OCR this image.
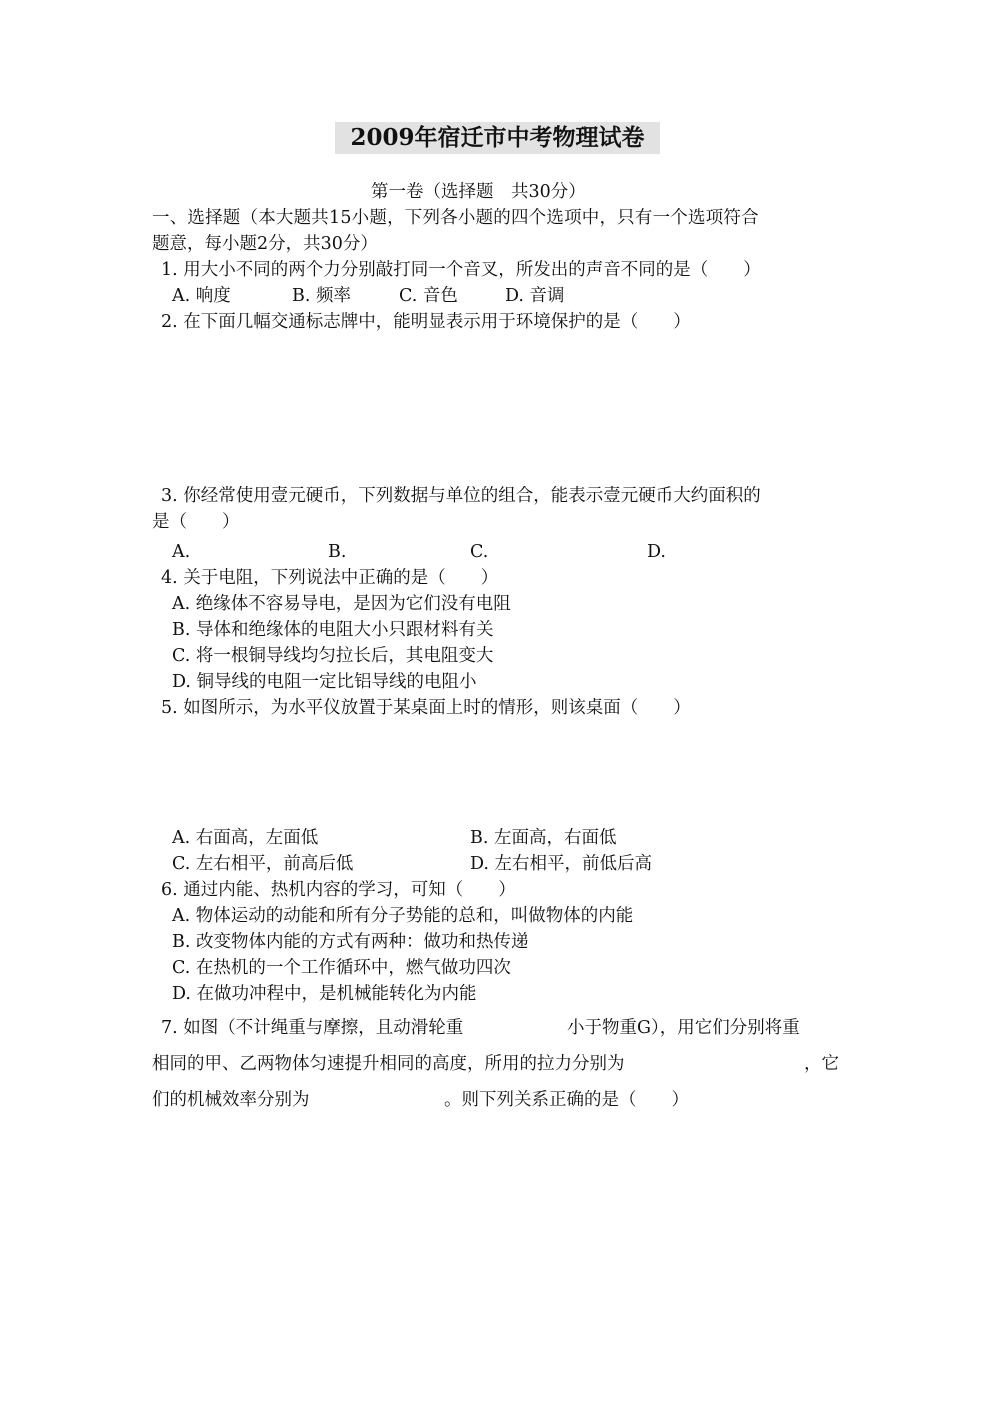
2009年宿迁市中考物理试卷
第一卷（选择题　共30分）
一、选择题（本大题共15小题，下列各小题的四个选项中，只有一个选项符合
题意，每小题2分，共30分）
1. 用大小不同的两个力分别敲打同一个音叉，所发出的声音不同的是（　　）
A. 响度	B. 频率	C. 音色	D. 音调
2. 在下面几幅交通标志牌中，能明显表示用于环境保护的是（　　）
3. 你经常使用壹元硬币，下列数据与单位的组合，能表示壹元硬币大约面积的
是（　　）
A.	B.	C.	D.
4. 关于电阻，下列说法中正确的是（　　）
A. 绝缘体不容易导电，是因为它们没有电阻
B. 导体和绝缘体的电阻大小只跟材料有关
C. 将一根铜导线均匀拉长后，其电阻变大
D. 铜导线的电阻一定比铝导线的电阻小
5. 如图所示，为水平仪放置于某桌面上时的情形，则该桌面（　　）
A. 右面高，左面低	B. 左面高，右面低
C. 左右相平，前高后低	D. 左右相平，前低后高
6. 通过内能、热机内容的学习，可知（　　）
A. 物体运动的动能和所有分子势能的总和，叫做物体的内能
B. 改变物体内能的方式有两种：做功和热传递
C. 在热机的一个工作循环中，燃气做功四次
D. 在做功冲程中，是机械能转化为内能
7. 如图（不计绳重与摩擦，且动滑轮重	小于物重G），用它们分别将重
相同的甲、乙两物体匀速提升相同的高度，所用的拉力分别为	，它
们的机械效率分别为	。则下列关系正确的是（　　）
